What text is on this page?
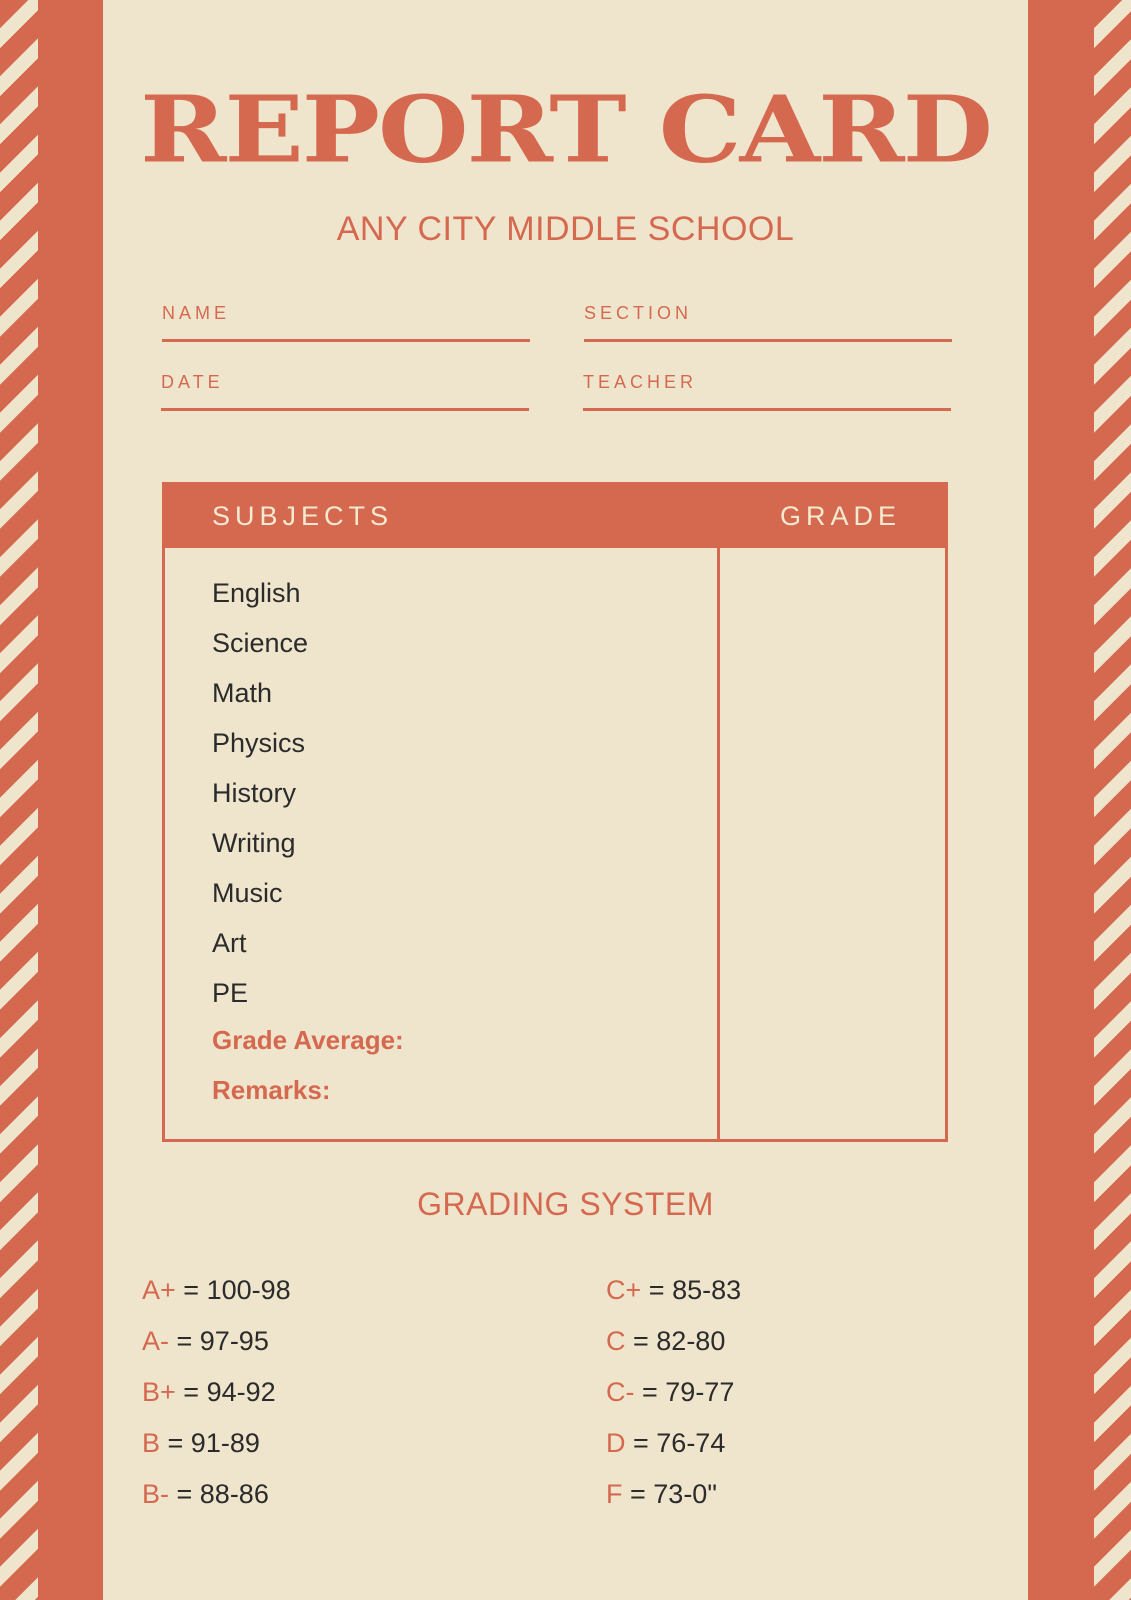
REPORT CARD
ANY CITY MIDDLE SCHOOL
NAME	SECTION
DATE	TEACHER
SUBJECTS	GRADE
English
Science
Math
Physics
History
Writing
Music
Art
PE
Grade Average:
Remarks:
GRADING SYSTEM
A+ = 100-98
A- = 97-95
B+ = 94-92
B = 91-89
B- = 88-86
C+ = 85-83
C = 82-80
C- = 79-77
D = 76-74
F = 73-0"
